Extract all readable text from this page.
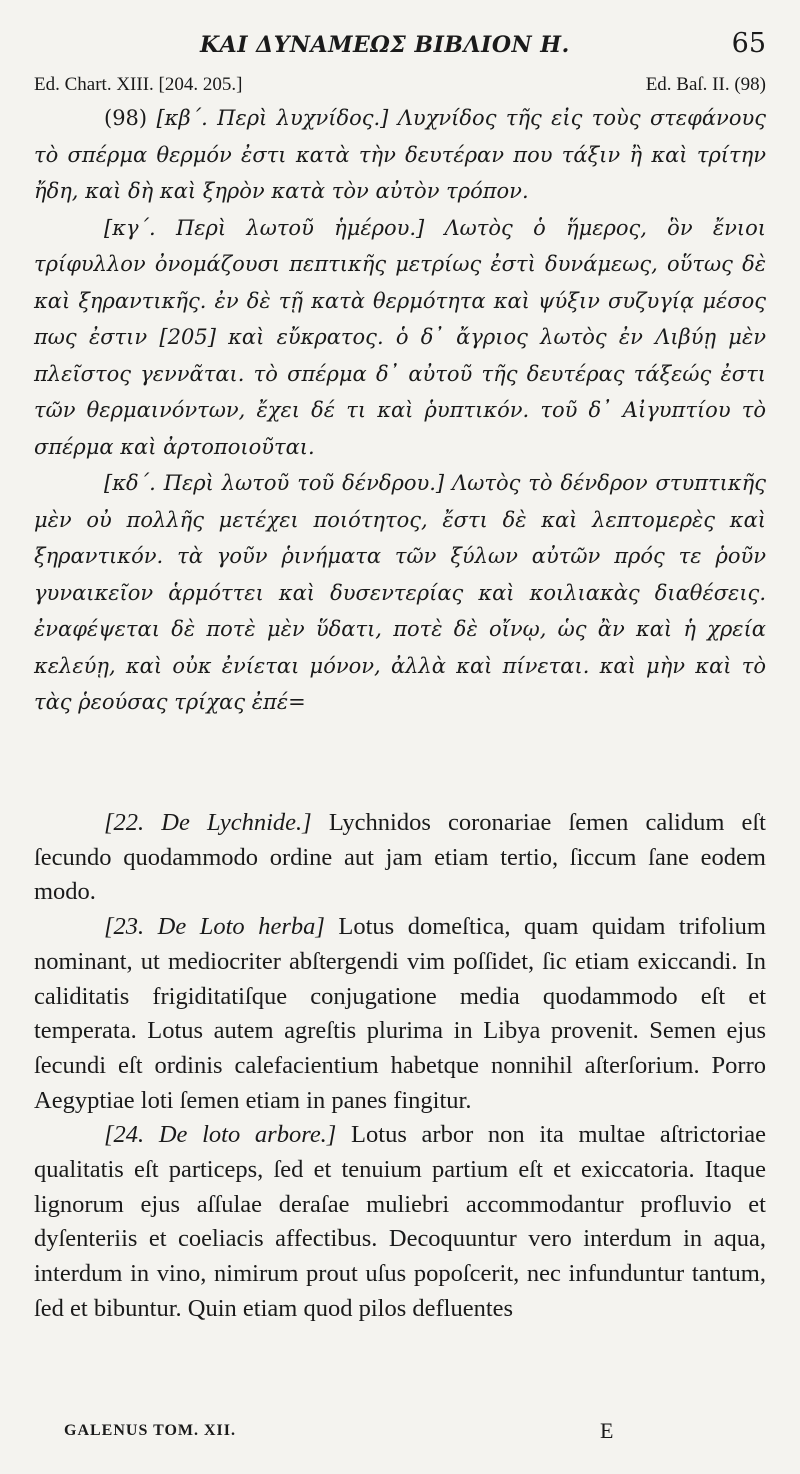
ΚΑΙ ΔΥΝΑΜΕΩΣ ΒΙΒΛΙΟΝ Η.	65
Ed. Chart. XIII. [204. 205.]	Ed. Baſ. II. (98)

(98) [κβ΄. Περὶ λυχνίδος.] Λυχνίδος τῆς εἰς τοὺς στεφάνους τὸ σπέρμα θερμόν ἐστι κατὰ τὴν δευτέραν που τάξιν ἢ καὶ τρίτην ἤδη, καὶ δὴ καὶ ξηρὸν κατὰ τὸν αὐτὸν τρόπον.

[κγ΄. Περὶ λωτοῦ ἡμέρου.] Λωτὸς ὁ ἥμερος, ὃν ἔνιοι τρίφυλλον ὀνομάζουσι πεπτικῆς μετρίως ἐστὶ δυνάμεως, οὕτως δὲ καὶ ξηραντικῆς. ἐν δὲ τῇ κατὰ θερμότητα καὶ ψύξιν συζυγίᾳ μέσος πως ἐστιν [205] καὶ εὔκρατος. ὁ δ᾽ ἄγριος λωτὸς ἐν Λιβύῃ μὲν πλεῖστος γεννᾶται. τὸ σπέρμα δ᾽ αὐτοῦ τῆς δευτέρας τάξεώς ἐστι τῶν θερμαινόντων, ἔχει δέ τι καὶ ῥυπτικόν. τοῦ δ᾽ Αἰγυπτίου τὸ σπέρμα καὶ ἀρτοποιοῦται.

[κδ΄. Περὶ λωτοῦ τοῦ δένδρου.] Λωτὸς τὸ δένδρον στυπτικῆς μὲν οὐ πολλῆς μετέχει ποιότητος, ἔστι δὲ καὶ λεπτομερὲς καὶ ξηραντικόν. τὰ γοῦν ῥινήματα τῶν ξύλων αὐτῶν πρός τε ῥοῦν γυναικεῖον ἁρμόττει καὶ δυσεντερίας καὶ κοιλιακὰς διαθέσεις. ἐναφέψεται δὲ ποτὲ μὲν ὕδατι, ποτὲ δὲ οἴνῳ, ὡς ἂν καὶ ἡ χρεία κελεύῃ, καὶ οὐκ ἐνίεται μόνον, ἀλλὰ καὶ πίνεται. καὶ μὴν καὶ τὸ τὰς ῥεούσας τρίχας ἐπέ=

[22. De Lychnide.] Lychnidos coronariae ſemen calidum eſt ſecundo quodammodo ordine aut jam etiam tertio, ſiccum ſane eodem modo.

[23. De Loto herba] Lotus domeſtica, quam quidam trifolium nominant, ut mediocriter abſtergendi vim poſſidet, ſic etiam exiccandi. In caliditatis frigiditatiſque conjugatione media quodammodo eſt et temperata. Lotus autem agreſtis plurima in Libya provenit. Semen ejus ſecundi eſt ordinis calefacientium habetque nonnihil aſterſorium. Porro Aegyptiae loti ſemen etiam in panes fingitur.

[24. De loto arbore.] Lotus arbor non ita multae aſtrictoriae qualitatis eſt particeps, ſed et tenuium partium eſt et exiccatoria. Itaque lignorum ejus aſſulae deraſae muliebri accommodantur profluvio et dyſenteriis et coeliacis affectibus. Decoquuntur vero interdum in aqua, interdum in vino, nimirum prout uſus popoſcerit, nec infunduntur tantum, ſed et bibuntur. Quin etiam quod pilos defluentes

GALENUS TOM. XII.	E
